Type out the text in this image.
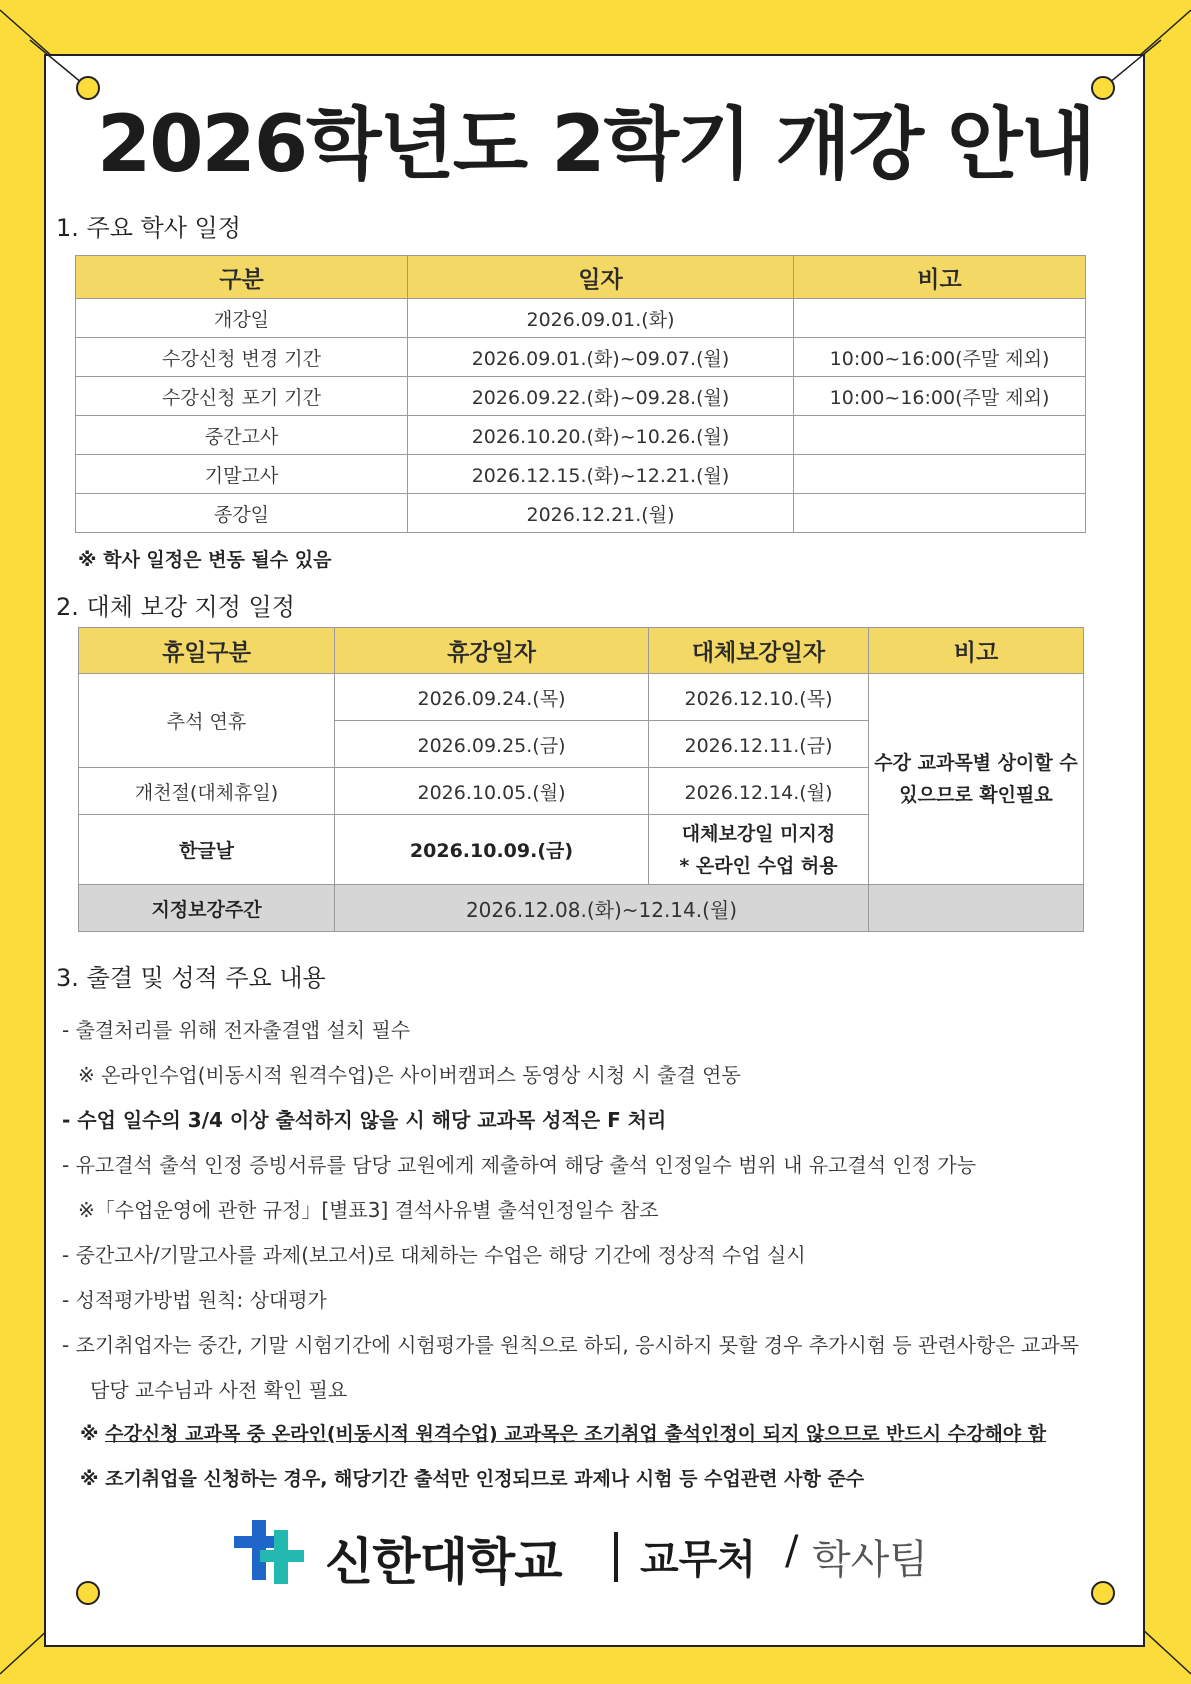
2026학년도 2학기 개강 안내
1. 주요 학사 일정
구분	일자	비고
개강일	2026.09.01.(화)	
수강신청 변경 기간	2026.09.01.(화)~09.07.(월)	10:00~16:00(주말 제외)
수강신청 포기 기간	2026.09.22.(화)~09.28.(월)	10:00~16:00(주말 제외)
중간고사	2026.10.20.(화)~10.26.(월)	
기말고사	2026.12.15.(화)~12.21.(월)	
종강일	2026.12.21.(월)	
※ 학사 일정은 변동 될수 있음
2. 대체 보강 지정 일정
휴일구분	휴강일자	대체보강일자	비고
추석 연휴	2026.09.24.(목)	2026.12.10.(목)	수강 교과목별 상이할 수
있으므로 확인필요
	2026.09.25.(금)	2026.12.11.(금)	
개천절(대체휴일)	2026.10.05.(월)	2026.12.14.(월)	
한글날	2026.10.09.(금)	대체보강일 미지정
* 온라인 수업 허용	
지정보강주간	2026.12.08.(화)~12.14.(월)		
3. 출결 및 성적 주요 내용
- 출결처리를 위해 전자출결앱 설치 필수
※ 온라인수업(비동시적 원격수업)은 사이버캠퍼스 동영상 시청 시 출결 연동
- 수업 일수의 3/4 이상 출석하지 않을 시 해당 교과목 성적은 F 처리
- 유고결석 출석 인정 증빙서류를 담당 교원에게 제출하여 해당 출석 인정일수 범위 내 유고결석 인정 가능
※「수업운영에 관한 규정」[별표3] 결석사유별 출석인정일수 참조
- 중간고사/기말고사를 과제(보고서)로 대체하는 수업은 해당 기간에 정상적 수업 실시
- 성적평가방법 원칙: 상대평가
- 조기취업자는 중간, 기말 시험기간에 시험평가를 원칙으로 하되, 응시하지 못할 경우 추가시험 등 관련사항은 교과목
담당 교수님과 사전 확인 필요
※ 수강신청 교과목 중 온라인(비동시적 원격수업) 교과목은 조기취업 출석인정이 되지 않으므로 반드시 수강해야 함
※ 조기취업을 신청하는 경우, 해당기간 출석만 인정되므로 과제나 시험 등 수업관련 사항 준수
신한대학교 교무처 / 학사팀
